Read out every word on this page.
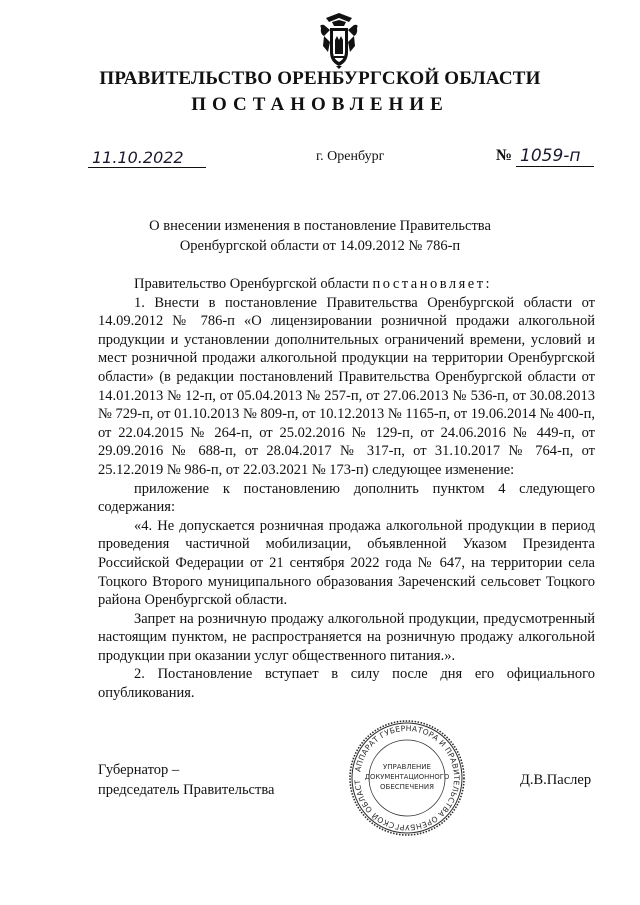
ПРАВИТЕЛЬСТВО ОРЕНБУРГСКОЙ ОБЛАСТИ
ПОСТАНОВЛЕНИЕ
11.10.2022	г. Оренбург	№ 1059-п
О внесении изменения в постановление Правительства
Оренбургской области от 14.09.2012 № 786-п

Правительство Оренбургской области постановляет:

1. Внести в постановление Правительства Оренбургской области от 14.09.2012 № 786-п «О лицензировании розничной продажи алкогольной продукции и установлении дополнительных ограничений времени, условий и мест розничной продажи алкогольной продукции на территории Оренбургской области» (в редакции постановлений Правительства Оренбургской области от 14.01.2013 № 12-п, от 05.04.2013 № 257-п, от 27.06.2013 № 536-п, от 30.08.2013 № 729-п, от 01.10.2013 № 809-п, от 10.12.2013 № 1165-п, от 19.06.2014 № 400-п, от 22.04.2015 № 264-п, от 25.02.2016 № 129-п, от 24.06.2016 № 449-п, от 29.09.2016 № 688-п, от 28.04.2017 № 317-п, от 31.10.2017 № 764-п, от 25.12.2019 № 986-п, от 22.03.2021 № 173-п) следующее изменение:

приложение к постановлению дополнить пунктом 4 следующего содержания:

«4. Не допускается розничная продажа алкогольной продукции в период проведения частичной мобилизации, объявленной Указом Президента Российской Федерации от 21 сентября 2022 года № 647, на территории села Тоцкого Второго муниципального образования Зареченский сельсовет Тоцкого района Оренбургской области.

Запрет на розничную продажу алкогольной продукции, предусмотренный настоящим пунктом, не распространяется на розничную продажу алкогольной продукции при оказании услуг общественного питания.».

2. Постановление вступает в силу после дня его официального опубликования.

Губернатор –
председатель Правительства
Д.В.Паслер
АППАРАТ ГУБЕРНАТОРА И ПРАВИТЕЛЬСТВА ОРЕНБУРГСКОЙ ОБЛАСТ
УПРАВЛЕНИЕ
ДОКУМЕНТАЦИОННОГО
ОБЕСПЕЧЕНИЯ
